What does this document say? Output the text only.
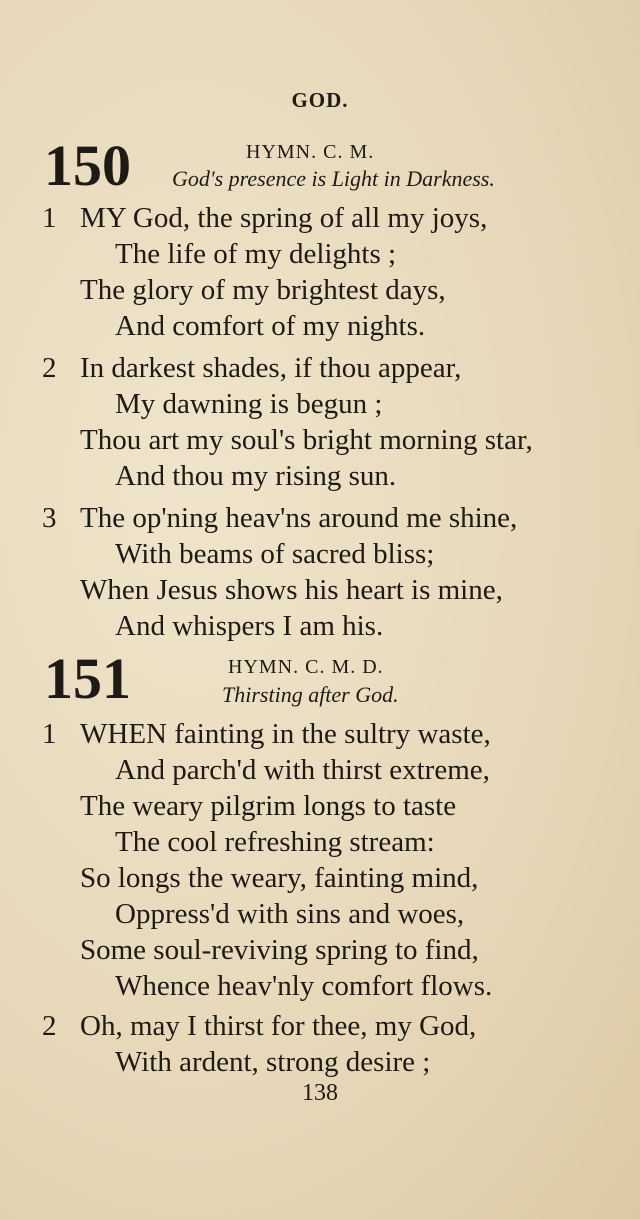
GOD.
150	HYMN. C. M.
God's presence is Light in Darkness.
1 MY God, the spring of all my joys,
The life of my delights ;
The glory of my brightest days,
And comfort of my nights.
2 In darkest shades, if thou appear,
My dawning is begun ;
Thou art my soul's bright morning star,
And thou my rising sun.
3 The op'ning heav'ns around me shine,
With beams of sacred bliss;
When Jesus shows his heart is mine,
And whispers I am his.
151	HYMN. C. M. D.
Thirsting after God.
1 WHEN fainting in the sultry waste,
And parch'd with thirst extreme,
The weary pilgrim longs to taste
The cool refreshing stream:
So longs the weary, fainting mind,
Oppress'd with sins and woes,
Some soul-reviving spring to find,
Whence heav'nly comfort flows.
2 Oh, may I thirst for thee, my God,
With ardent, strong desire ;
138
